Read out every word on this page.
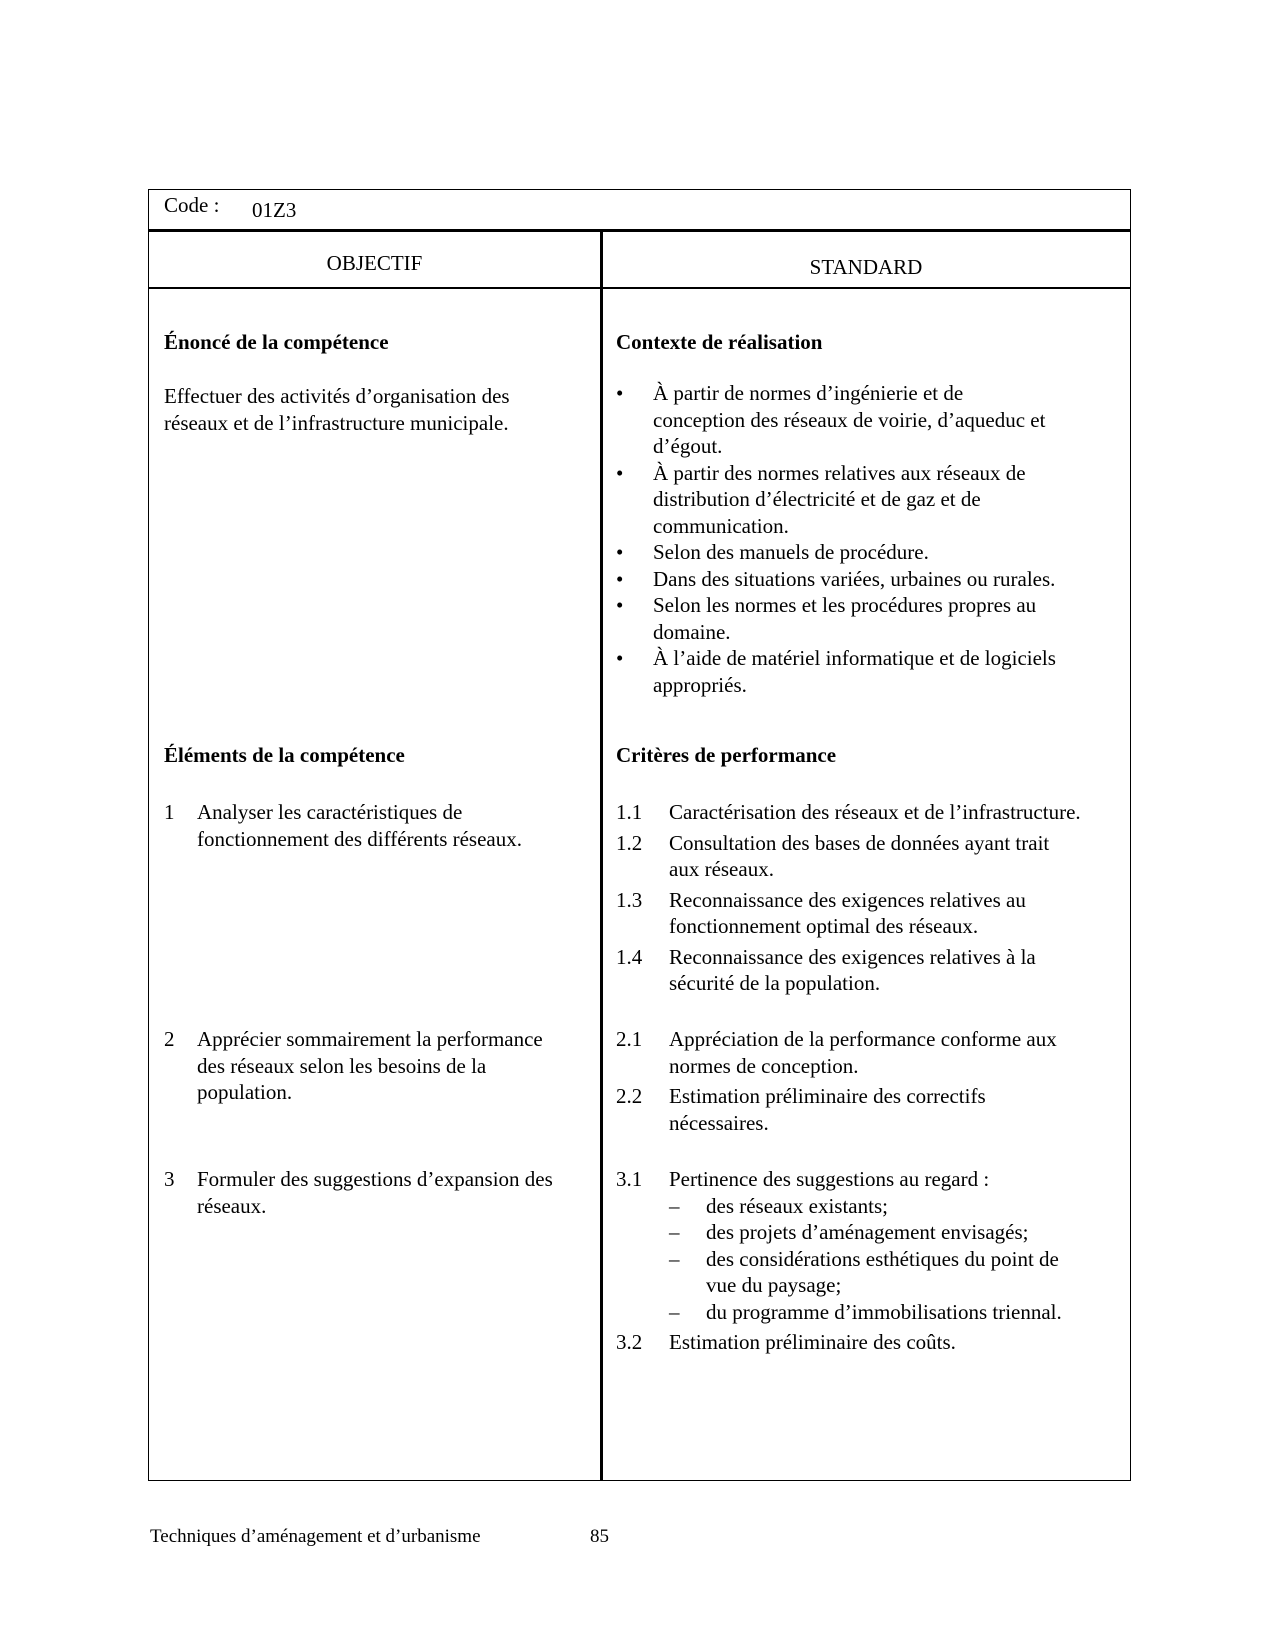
Code : 01Z3
OBJECTIF	STANDARD
Énoncé de la compétence
Effectuer des activités d’organisation des
réseaux et de l’infrastructure municipale.
Contexte de réalisation
• À partir de normes d’ingénierie et de
conception des réseaux de voirie, d’aqueduc et
d’égout.
• À partir des normes relatives aux réseaux de
distribution d’électricité et de gaz et de
communication.
• Selon des manuels de procédure.
• Dans des situations variées, urbaines ou rurales.
• Selon les normes et les procédures propres au
domaine.
• À l’aide de matériel informatique et de logiciels
appropriés.
Éléments de la compétence
1 Analyser les caractéristiques de
fonctionnement des différents réseaux.
2 Apprécier sommairement la performance
des réseaux selon les besoins de la
population.
3 Formuler des suggestions d’expansion des
réseaux.
Critères de performance
1.1 Caractérisation des réseaux et de l’infrastructure.
1.2 Consultation des bases de données ayant trait
aux réseaux.
1.3 Reconnaissance des exigences relatives au
fonctionnement optimal des réseaux.
1.4 Reconnaissance des exigences relatives à la
sécurité de la population.
2.1 Appréciation de la performance conforme aux
normes de conception.
2.2 Estimation préliminaire des correctifs
nécessaires.
3.1 Pertinence des suggestions au regard :
– des réseaux existants;
– des projets d’aménagement envisagés;
– des considérations esthétiques du point de
vue du paysage;
– du programme d’immobilisations triennal.
3.2 Estimation préliminaire des coûts.
Techniques d’aménagement et d’urbanisme	85
